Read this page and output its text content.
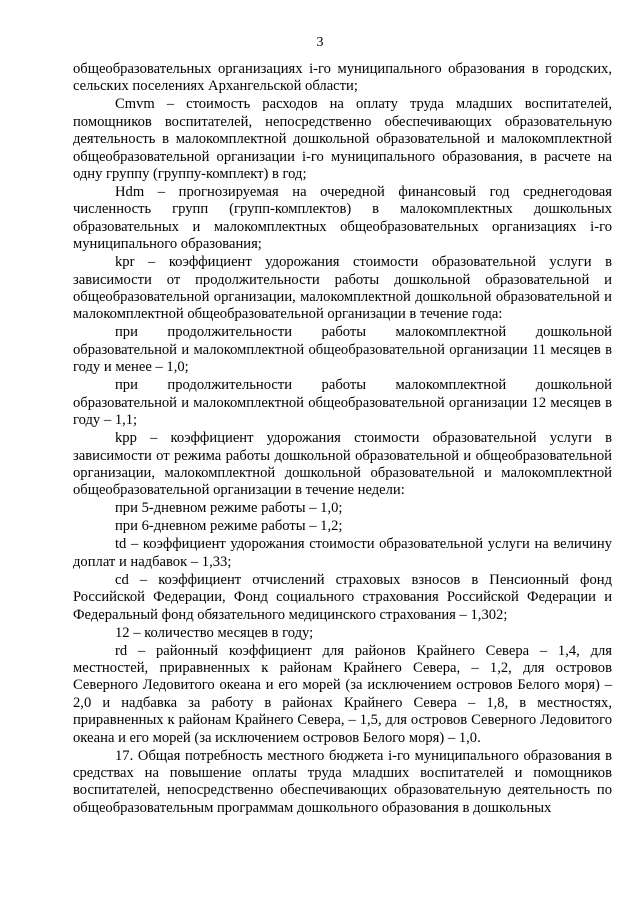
3

общеобразовательных организациях i-го муниципального образования в городских, сельских поселениях Архангельской области;

Cmvm – стоимость расходов на оплату труда младших воспитателей, помощников воспитателей, непосредственно обеспечивающих образовательную деятельность в малокомплектной дошкольной образовательной и малокомплектной общеобразовательной организации i-го муниципального образования, в расчете на одну группу (группу-комплект) в год;

Hdm – прогнозируемая на очередной финансовый год среднегодовая численность групп (групп-комплектов) в малокомплектных дошкольных образовательных и малокомплектных общеобразовательных организациях i-го муниципального образования;

kpr – коэффициент удорожания стоимости образовательной услуги в зависимости от продолжительности работы дошкольной образовательной и общеобразовательной организации, малокомплектной дошкольной образовательной и малокомплектной общеобразовательной организации в течение года:

при продолжительности работы малокомплектной дошкольной образовательной и малокомплектной общеобразовательной организации 11 месяцев в году и менее – 1,0;

при продолжительности работы малокомплектной дошкольной образовательной и малокомплектной общеобразовательной организации 12 месяцев в году – 1,1;

kpp – коэффициент удорожания стоимости образовательной услуги в зависимости от режима работы дошкольной образовательной и общеобразовательной организации, малокомплектной дошкольной образовательной и малокомплектной общеобразовательной организации в течение недели:

при 5-дневном режиме работы – 1,0;

при 6-дневном режиме работы – 1,2;

td – коэффициент удорожания стоимости образовательной услуги на величину доплат и надбавок – 1,33;

cd – коэффициент отчислений страховых взносов в Пенсионный фонд Российской Федерации, Фонд социального страхования Российской Федерации и Федеральный фонд обязательного медицинского страхования – 1,302;

12 – количество месяцев в году;

rd – районный коэффициент для районов Крайнего Севера – 1,4, для местностей, приравненных к районам Крайнего Севера, – 1,2, для островов Северного Ледовитого океана и его морей (за исключением островов Белого моря) – 2,0 и надбавка за работу в районах Крайнего Севера – 1,8, в местностях, приравненных к районам Крайнего Севера, – 1,5, для островов Северного Ледовитого океана и его морей (за исключением островов Белого моря) – 1,0.

17. Общая потребность местного бюджета i-го муниципального образования в средствах на повышение оплаты труда младших воспитателей и помощников воспитателей, непосредственно обеспечивающих образовательную деятельность по общеобразовательным программам дошкольного образования в дошкольных
